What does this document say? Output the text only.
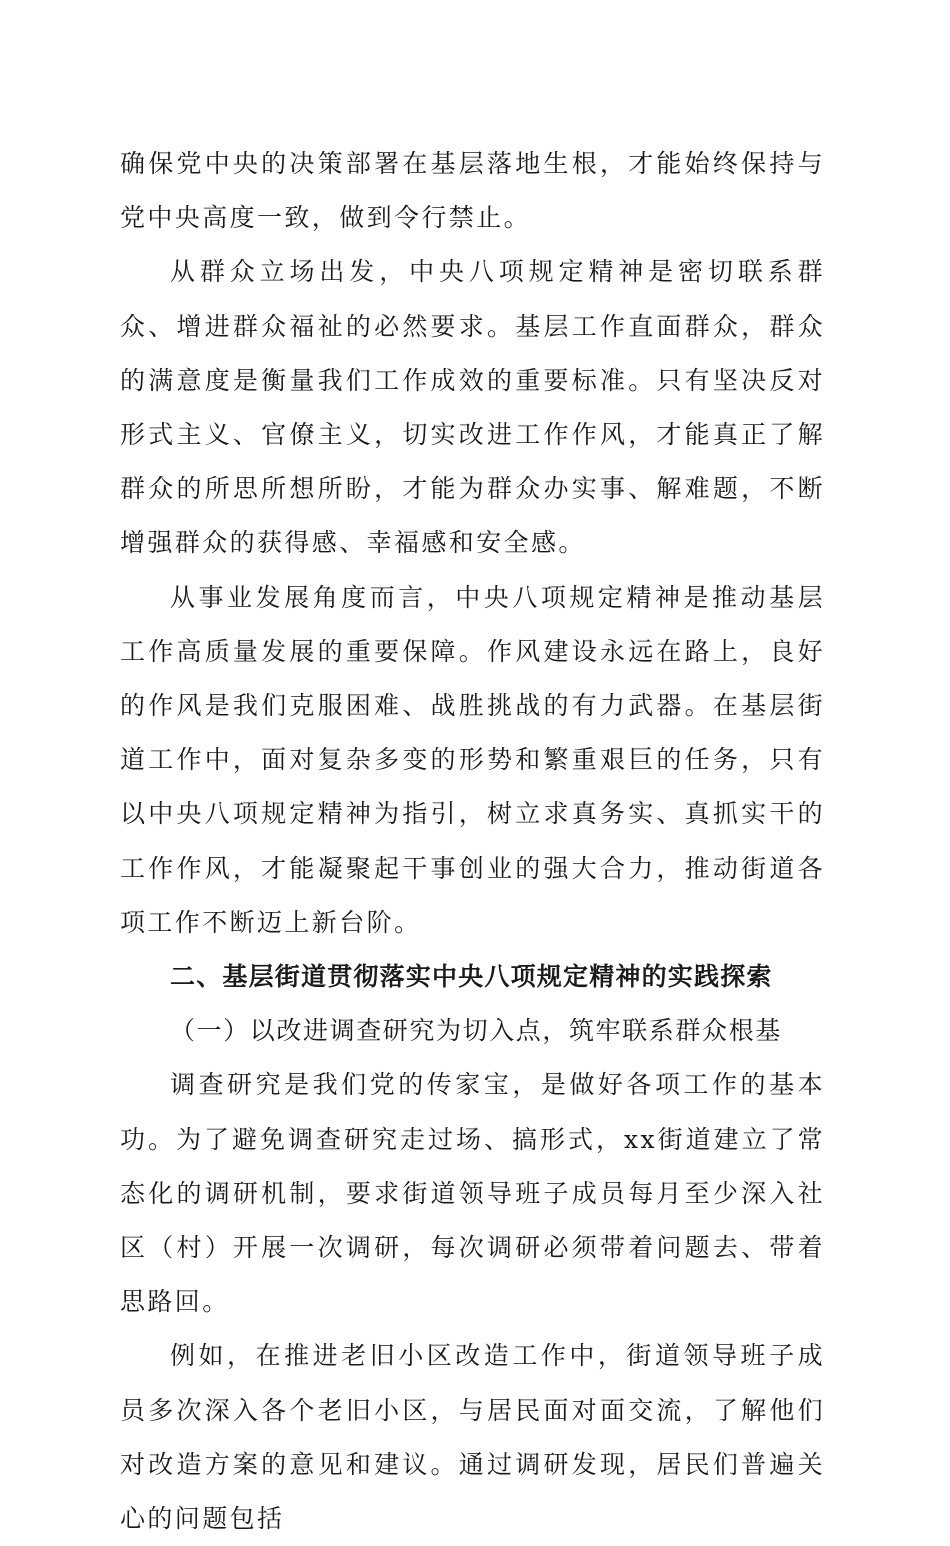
确保党中央的决策部署在基层落地生根，才能始终保持与党中央高度一致，做到令行禁止。

从群众立场出发，中央八项规定精神是密切联系群众、增进群众福祉的必然要求。基层工作直面群众，群众的满意度是衡量我们工作成效的重要标准。只有坚决反对形式主义、官僚主义，切实改进工作作风，才能真正了解群众的所思所想所盼，才能为群众办实事、解难题，不断增强群众的获得感、幸福感和安全感。

从事业发展角度而言，中央八项规定精神是推动基层工作高质量发展的重要保障。作风建设永远在路上，良好的作风是我们克服困难、战胜挑战的有力武器。在基层街道工作中，面对复杂多变的形势和繁重艰巨的任务，只有以中央八项规定精神为指引，树立求真务实、真抓实干的工作作风，才能凝聚起干事创业的强大合力，推动街道各项工作不断迈上新台阶。

二、基层街道贯彻落实中央八项规定精神的实践探索

（一）以改进调查研究为切入点，筑牢联系群众根基

调查研究是我们党的传家宝，是做好各项工作的基本功。为了避免调查研究走过场、搞形式，xx街道建立了常态化的调研机制，要求街道领导班子成员每月至少深入社区（村）开展一次调研，每次调研必须带着问题去、带着思路回。

例如，在推进老旧小区改造工作中，街道领导班子成员多次深入各个老旧小区，与居民面对面交流，了解他们对改造方案的意见和建议。通过调研发现，居民们普遍关心的问题包括
